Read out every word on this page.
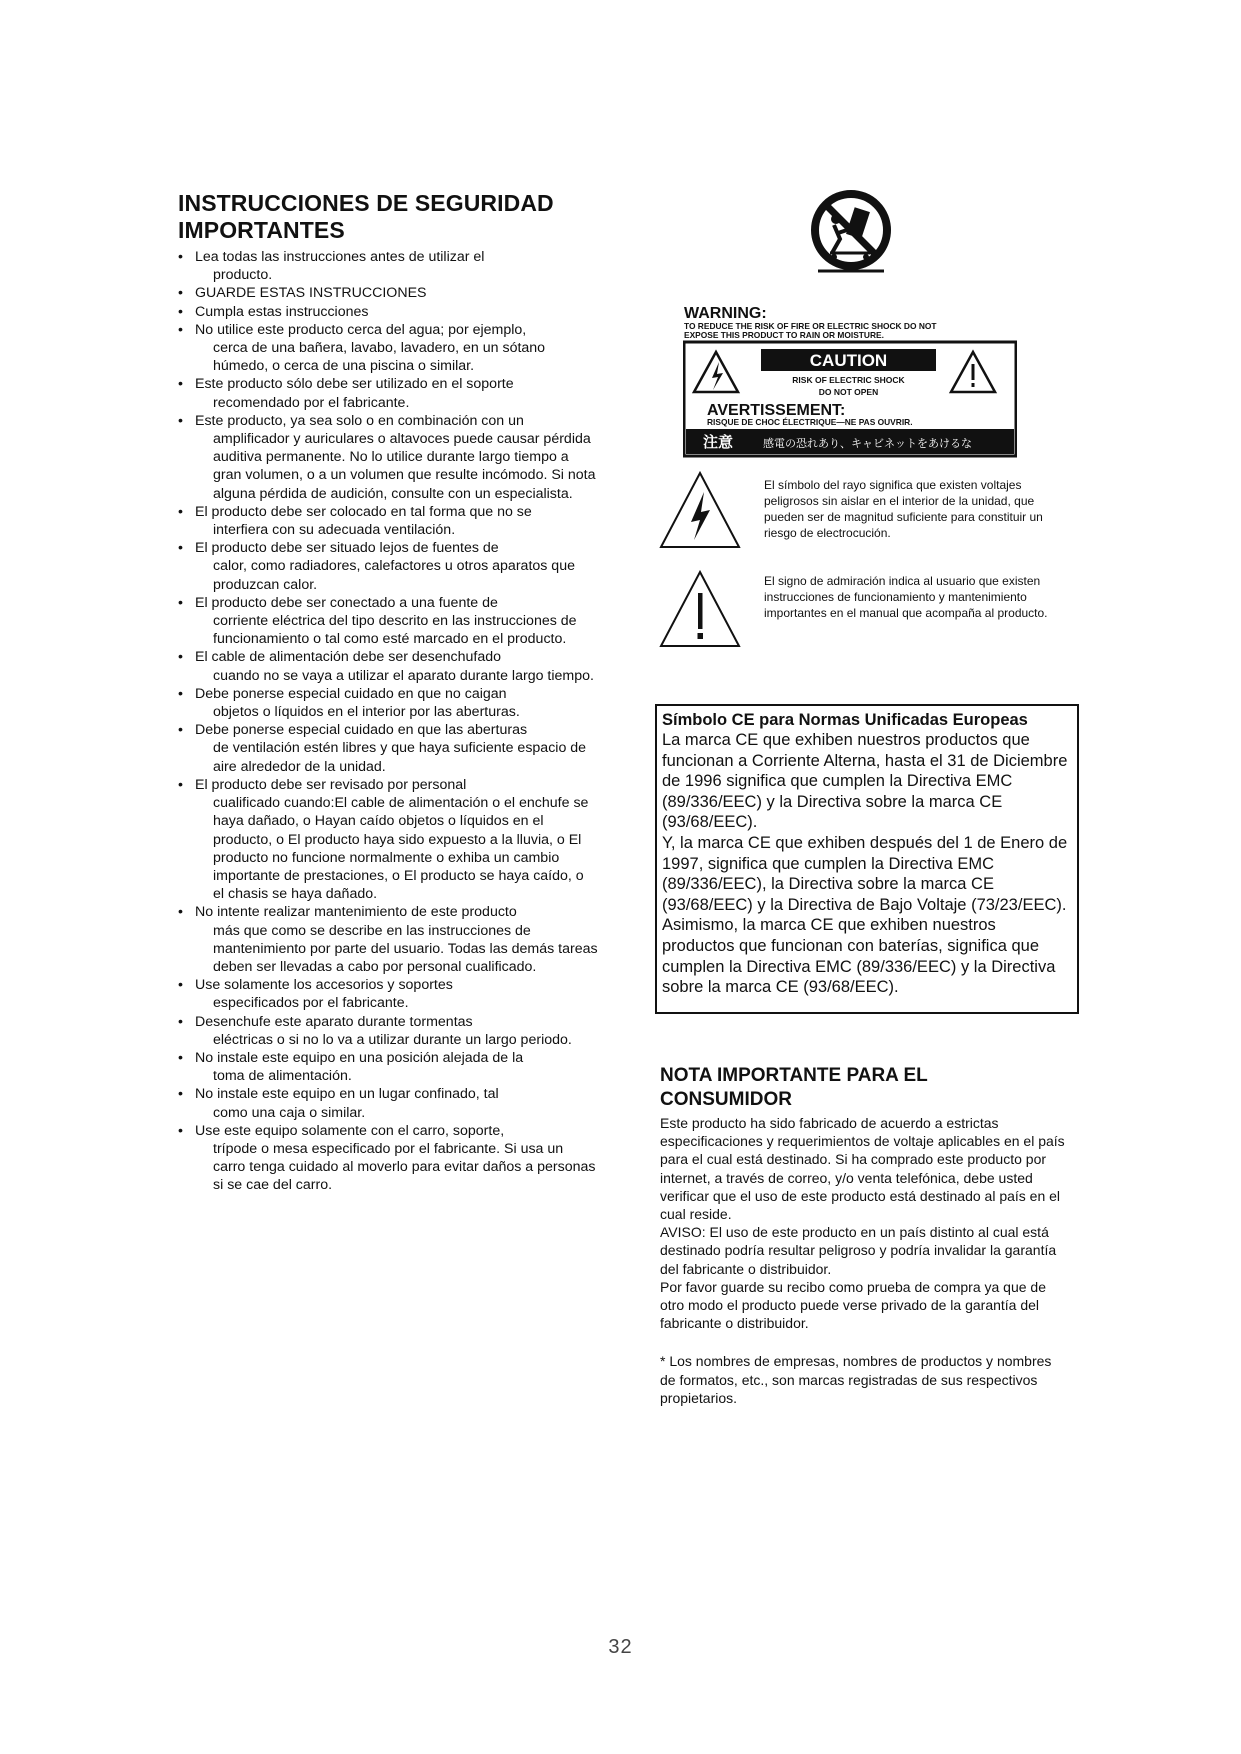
INSTRUCCIONES DE SEGURIDAD
IMPORTANTES
• Lea todas las instrucciones antes de utilizar el
producto.
• GUARDE ESTAS INSTRUCCIONES
• Cumpla estas instrucciones
• No utilice este producto cerca del agua; por ejemplo,
cerca de una bañera, lavabo, lavadero, en un sótano húmedo, o cerca de una piscina o similar.
• Este producto sólo debe ser utilizado en el soporte
recomendado por el fabricante.
• Este producto, ya sea solo o en combinación con un
amplificador y auriculares o altavoces puede causar pérdida auditiva permanente. No lo utilice durante largo tiempo a gran volumen, o a un volumen que resulte incómodo. Si nota alguna pérdida de audición, consulte con un especialista.
• El producto debe ser colocado en tal forma que no se
interfiera con su adecuada ventilación.
• El producto debe ser situado lejos de fuentes de
calor, como radiadores, calefactores u otros aparatos que produzcan calor.
• El producto debe ser conectado a una fuente de
corriente eléctrica del tipo descrito en las instrucciones de funcionamiento o tal como esté marcado en el producto.
• El cable de alimentación debe ser desenchufado
cuando no se vaya a utilizar el aparato durante largo tiempo.
• Debe ponerse especial cuidado en que no caigan
objetos o líquidos en el interior por las aberturas.
• Debe ponerse especial cuidado en que las aberturas
de ventilación estén libres y que haya suficiente espacio de aire alrededor de la unidad.
• El producto debe ser revisado por personal
cualificado cuando:El cable de alimentación o el enchufe se haya dañado, o Hayan caído objetos o líquidos en el producto, o El producto haya sido expuesto a la lluvia, o El producto no funcione normalmente o exhiba un cambio importante de prestaciones, o El producto se haya caído, o el chasis se haya dañado.
• No intente realizar mantenimiento de este producto
más que como se describe en las instrucciones de mantenimiento por parte del usuario. Todas las demás tareas deben ser llevadas a cabo por personal cualificado.
• Use solamente los accesorios y soportes
especificados por el fabricante.
• Desenchufe este aparato durante tormentas
eléctricas o si no lo va a utilizar durante un largo periodo.
• No instale este equipo en una posición alejada de la
toma de alimentación.
• No instale este equipo en un lugar confinado, tal
como una caja o similar.
• Use este equipo solamente con el carro, soporte,
trípode o mesa especificado por el fabricante. Si usa un carro tenga cuidado al moverlo para evitar daños a personas si se cae del carro.
WARNING:
TO REDUCE THE RISK OF FIRE OR ELECTRIC SHOCK DO NOT
EXPOSE THIS PRODUCT TO RAIN OR MOISTURE.
CAUTION
RISK OF ELECTRIC SHOCK
DO NOT OPEN
AVERTISSEMENT:
RISQUE DE CHOC ÉLECTRIQUE—NE PAS OUVRIR.
注意	感電の恐れあり、キャビネットをあけるな
El símbolo del rayo significa que existen voltajes peligrosos sin aislar en el interior de la unidad, que pueden ser de magnitud suficiente para constituir un riesgo de electrocución.
El signo de admiración indica al usuario que existen instrucciones de funcionamiento y mantenimiento importantes en el manual que acompaña al producto.
Símbolo CE para Normas Unificadas Europeas

La marca CE que exhiben nuestros productos que funcionan a Corriente Alterna, hasta el 31 de Diciembre de 1996 significa que cumplen la Directiva EMC (89/336/EEC) y la Directiva sobre la marca CE (93/68/EEC).

Y, la marca CE que exhiben después del 1 de Enero de 1997, significa que cumplen la Directiva EMC (89/336/EEC), la Directiva sobre la marca CE (93/68/EEC) y la Directiva de Bajo Voltaje (73/23/EEC).

Asimismo, la marca CE que exhiben nuestros productos que funcionan con baterías, significa que cumplen la Directiva EMC (89/336/EEC) y la Directiva sobre la marca CE (93/68/EEC).

NOTA IMPORTANTE PARA EL
CONSUMIDOR

Este producto ha sido fabricado de acuerdo a estrictas especificaciones y requerimientos de voltaje aplicables en el país para el cual está destinado. Si ha comprado este producto por internet, a través de correo, y/o venta telefónica, debe usted verificar que el uso de este producto está destinado al país en el cual reside.

AVISO: El uso de este producto en un país distinto al cual está destinado podría resultar peligroso y podría invalidar la garantía del fabricante o distribuidor.

Por favor guarde su recibo como prueba de compra ya que de otro modo el producto puede verse privado de la garantía del fabricante o distribuidor.

* Los nombres de empresas, nombres de productos y nombres de formatos, etc., son marcas registradas de sus respectivos propietarios.

32
